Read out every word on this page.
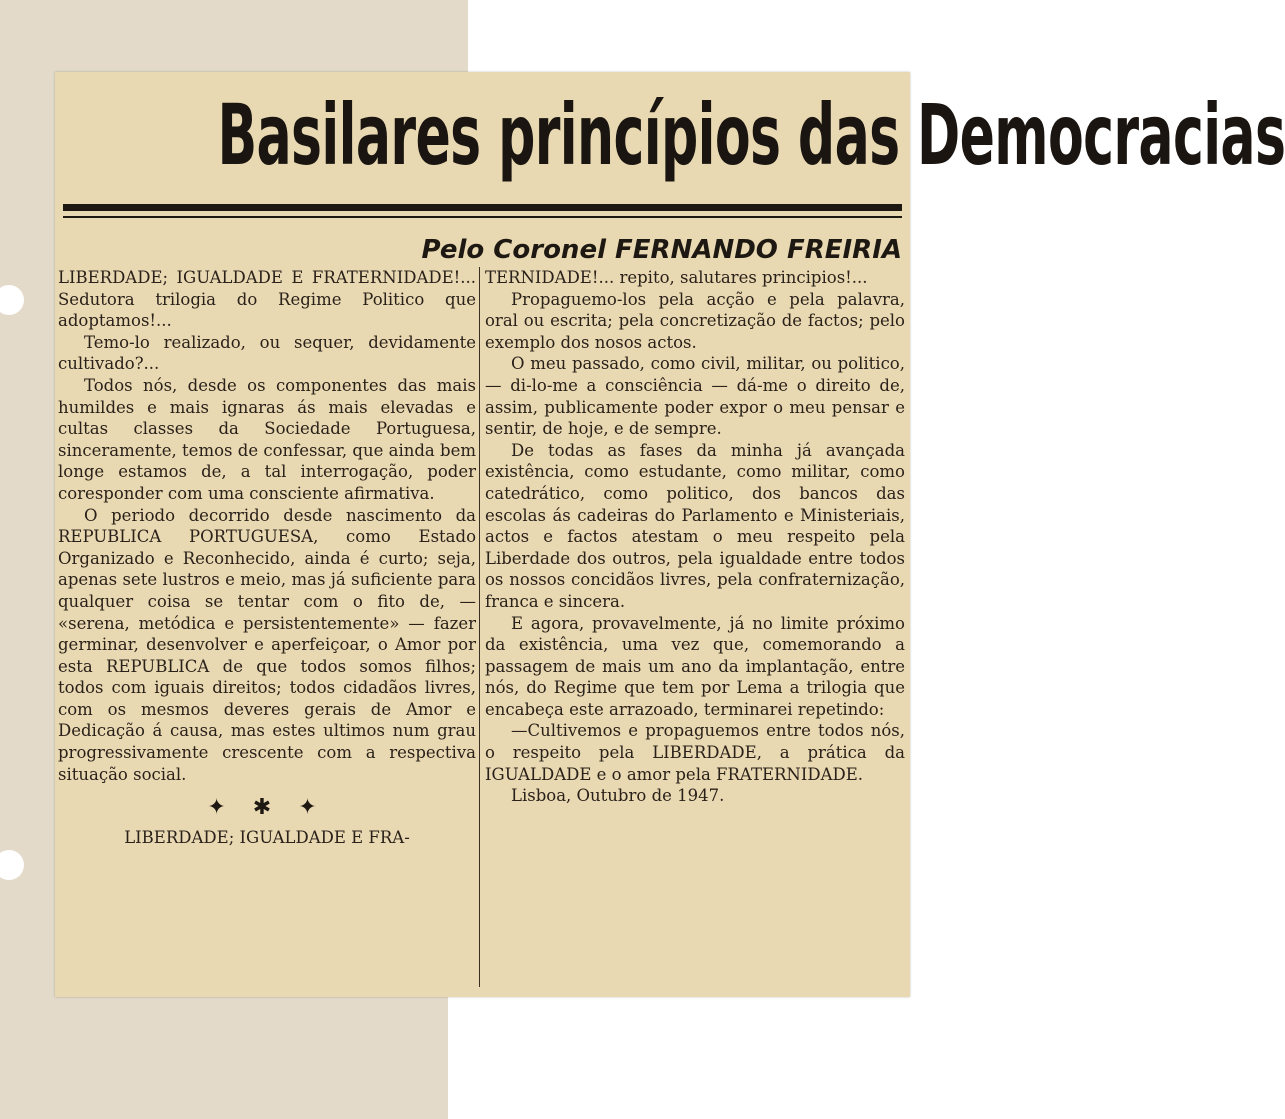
Basilares princípios das Democracias
Pelo Coronel FERNANDO FREIRIA

LIBERDADE; IGUALDADE E FRATERNIDADE!... Sedutora trilogia do Regime Politico que adoptamos!...

Temo-lo realizado, ou sequer, devidamente cultivado?...

Todos nós, desde os componentes das mais humildes e mais ignaras ás mais elevadas e cultas classes da Sociedade Portuguesa, sinceramente, temos de confessar, que ainda bem longe estamos de, a tal interrogação, poder coresponder com uma consciente afirmativa.

O periodo decorrido desde nascimento da REPUBLICA PORTUGUESA, como Estado Organizado e Reconhecido, ainda é curto; seja, apenas sete lustros e meio, mas já suficiente para qualquer coisa se tentar com o fito de, — «serena, metódica e persistentemente» — fazer germinar, desenvolver e aperfeiçoar, o Amor por esta REPUBLICA de que todos somos filhos; todos com iguais direitos; todos cidadãos livres, com os mesmos deveres gerais de Amor e Dedicação á causa, mas estes ultimos num grau progressivamente crescente com a respectiva situação social.

✦ ✱ ✦

LIBERDADE; IGUALDADE E FRA-

TERNIDADE!... repito, salutares principios!...

Propaguemo-los pela acção e pela palavra, oral ou escrita; pela concretização de factos; pelo exemplo dos nosos actos.

O meu passado, como civil, militar, ou politico, — di-lo-me a consciência — dá-me o direito de, assim, publicamente poder expor o meu pensar e sentir, de hoje, e de sempre.

De todas as fases da minha já avançada existência, como estudante, como militar, como catedrático, como politico, dos bancos das escolas ás cadeiras do Parlamento e Ministeriais, actos e factos atestam o meu respeito pela Liberdade dos outros, pela igualdade entre todos os nossos concidãos livres, pela confraternização, franca e sincera.

E agora, provavelmente, já no limite próximo da existência, uma vez que, comemorando a passagem de mais um ano da implantação, entre nós, do Regime que tem por Lema a trilogia que encabeça este arrazoado, terminarei repetindo:

—Cultivemos e propaguemos entre todos nós, o respeito pela LIBERDADE, a prática da IGUALDADE e o amor pela FRATERNIDADE.

Lisboa, Outubro de 1947.
